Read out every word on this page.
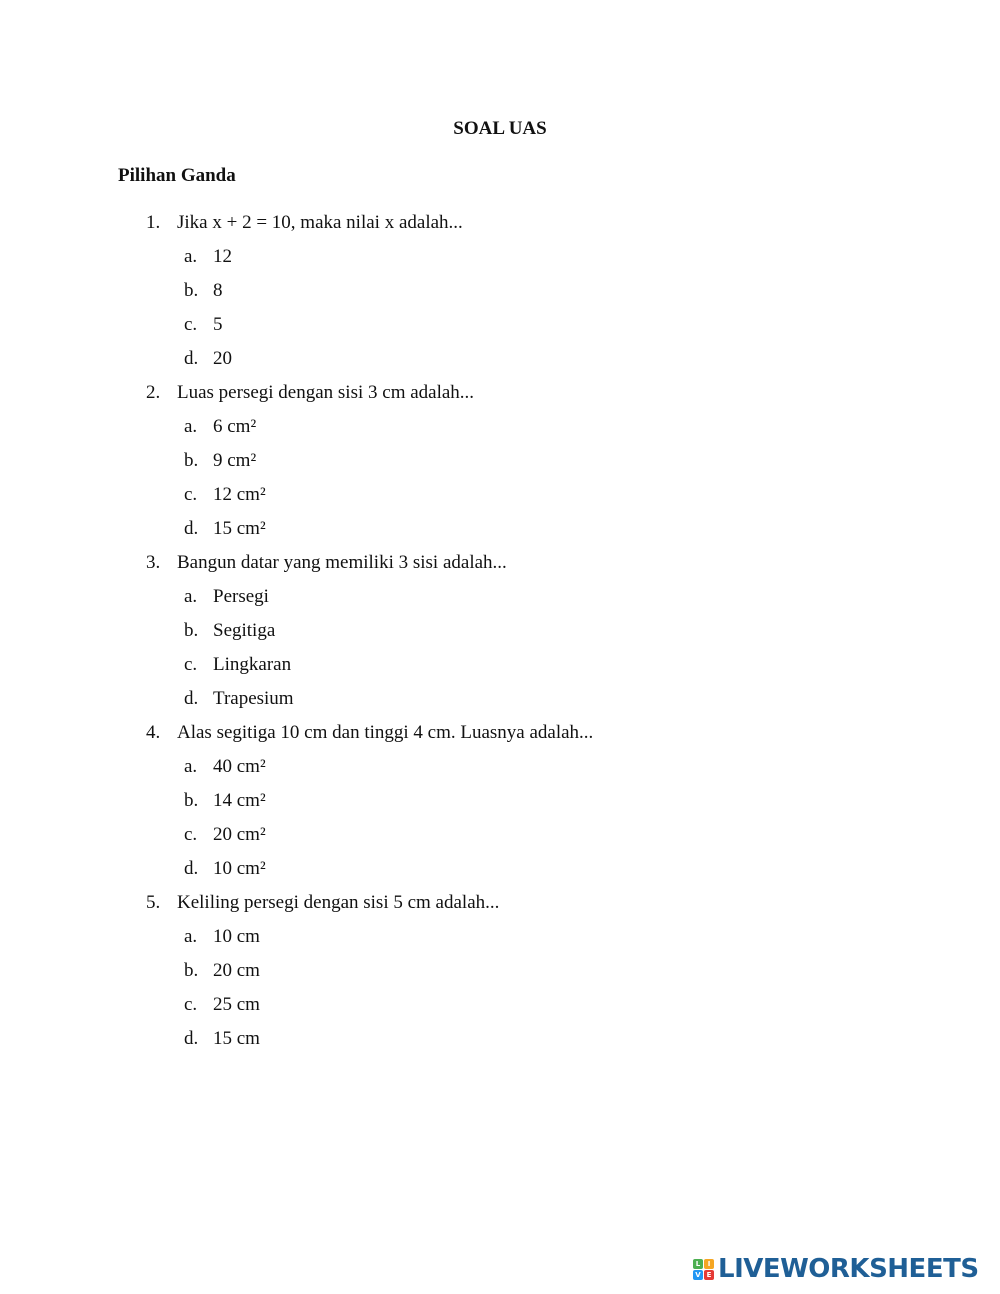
SOAL UAS
Pilihan Ganda
1. Jika x + 2 = 10, maka nilai x adalah...
a. 12
b. 8
c. 5
d. 20
2. Luas persegi dengan sisi 3 cm adalah...
a. 6 cm²
b. 9 cm²
c. 12 cm²
d. 15 cm²
3. Bangun datar yang memiliki 3 sisi adalah...
a. Persegi
b. Segitiga
c. Lingkaran
d. Trapesium
4. Alas segitiga 10 cm dan tinggi 4 cm. Luasnya adalah...
a. 40 cm²
b. 14 cm²
c. 20 cm²
d. 10 cm²
5. Keliling persegi dengan sisi 5 cm adalah...
a. 10 cm
b. 20 cm
c. 25 cm
d. 15 cm
L	I
V E LIVEWORKSHEETS
